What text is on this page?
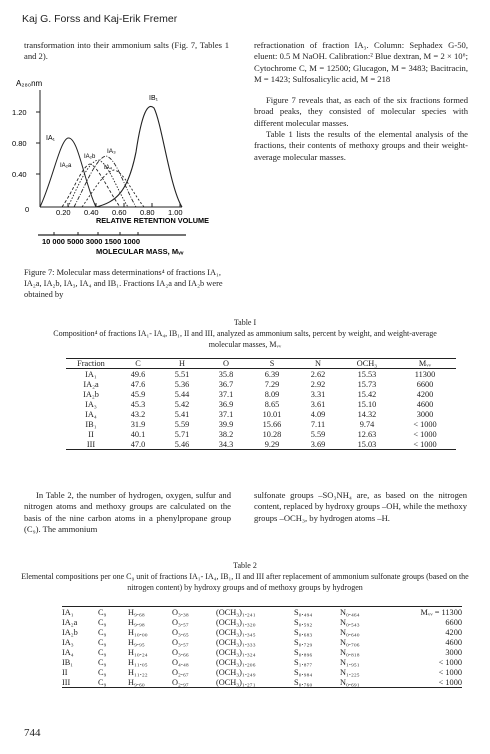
Kaj G. Forss and Kaj-Erik Fremer
transformation into their ammonium salts (Fig. 7, Tables 1 and 2).

refractionation of fraction IA₃. Column: Sephadex G-50, eluent: 0.5 M NaOH. Calibration:² Blue dextran, M = 2 × 10⁶; Cytochrome C, M = 12500; Glucagon, M = 3483; Bacitracin, M = 1423; Sulfosalicylic acid, M = 218

Figure 7 reveals that, as each of the six fractions formed broad peaks, they consisted of molecular species with different molecular masses.

Table 1 lists the results of the elemental analysis of the fractions, their contents of methoxy groups and their weight-average molecular masses.

A₂₈₀nm
1.20
0.80
0.40
0	0.20 0.40 0.60 0.80 1.00
RELATIVE RETENTION VOLUME
IB₁
IA₁
IA₂b
IA₃
IA₂a	IA₄
10 000 5000 3000 1500 1000
MOLECULAR MASS, Mᵥᵥ
Figure 7: Molecular mass determinations⁴ of fractions IA₁, IA₂a, IA₂b, IA₃, IA₄ and IB₁. Fractions IA₂a and IA₂b were obtained by
Table I
Composition⁴ of fractions IA₁- IA₄, IB₁, II and III, analyzed as ammonium salts, percent by weight, and weight-average molecular masses, Mᵥᵥ
Fraction	C	H	O	S	N	OCH₃	Mᵥᵥ
IA₁	49.6	5.51	35.8	6.39	2.62	15.53	11300
IA₂a	47.6	5.36	36.7	7.29	2.92	15.73	6600
IA₂b	45.9	5.44	37.1	8.09	3.31	15.42	4200
IA₃	45.3	5.42	36.9	8.65	3.61	15.10	4600
IA₄	43.2	5.41	37.1	10.01	4.09	14.32	3000
IB₁	31.9	5.59	39.9	15.66	7.11	9.74	< 1000
II	40.1	5.71	38.2	10.28	5.59	12.63	< 1000
III	47.0	5.46	34.3	9.29	3.69	15.03	< 1000

In Table 2, the number of hydrogen, oxygen, sulfur and nitrogen atoms and methoxy groups are calculated on the basis of the nine carbon atoms in a phenylpropane group (C₉). The ammonium
sulfonate groups –SO₃NH₄ are, as based on the nitrogen content, replaced by hydroxy groups –OH, while the methoxy groups –OCH₃, by hydrogen atoms –H.
Table 2
Elemental compositions per one C₉ unit of fractions IA₁- IA₄, IB₁, II and III after replacement of ammonium sulfonate groups (based on the nitrogen content) by hydroxy groups and of methoxy groups by hydrogen
IA₁	C₉	H₉.₆₈	O₃.₃₈	(OCH₃)₁.₂₄₁	S₀.₄₉₄	N₀.₄₆₄	Mᵥᵥ = 11300
IA₂a	C₉	H₉.₉₈	O₃.₅₇	(OCH₃)₁.₃₂₀	S₀.₅₉₂	N₀.₅₄₃	6600
IA₂b	C₉	H₁₀.₀₀	O₃.₆₅	(OCH₃)₁.₃₄₅	S₀.₆₈₃	N₀.₆₄₀	4200
IA₃	C₉	H₉.₉₅	O₃.₅₇	(OCH₃)₁.₃₃₃	S₀.₇₂₉	N₀.₇₀₆	4600
IA₄	C₉	H₁₀.₂₄	O₃.₆₆	(OCH₃)₁.₃₂₄	S₀.₈₉₆	N₀.₈₁₈	3000
IB₁	C₉	H₁₁.₀₅	O₄.₄₈	(OCH₃)₁.₂₀₆	S₁.₈₇₇	N₁.₉₅₁	< 1000
II	C₉	H₁₁.₂₂	O₂.₆₇	(OCH₃)₁.₂₄₉	S₀.₉₈₄	N₁.₂₂₅	< 1000
III	C₉	H₉.₆₀	O₂.₉₇	(OCH₃)₁.₂₇₁	S₀.₇₆₀	N₀.₆₉₁	< 1000

744
